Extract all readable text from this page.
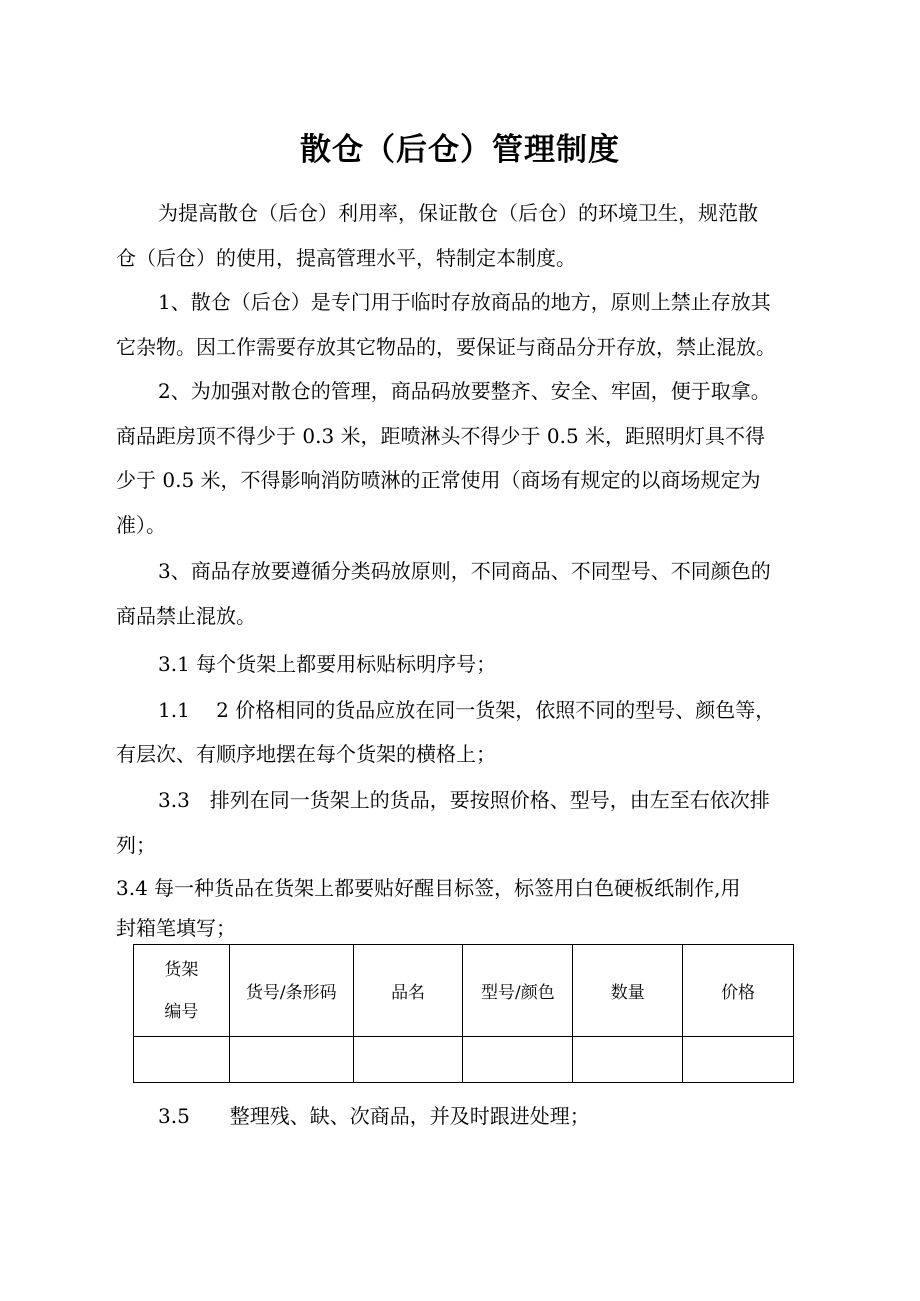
散仓（后仓）管理制度
为提高散仓（后仓）利用率，保证散仓（后仓）的环境卫生，规范散
仓（后仓）的使用，提高管理水平，特制定本制度。
1、散仓（后仓）是专门用于临时存放商品的地方，原则上禁止存放其
它杂物。因工作需要存放其它物品的，要保证与商品分开存放，禁止混放。
2、为加强对散仓的管理，商品码放要整齐、安全、牢固，便于取拿。
商品距房顶不得少于 0.3 米，距喷淋头不得少于 0.5 米，距照明灯具不得
少于 0.5 米，不得影响消防喷淋的正常使用（商场有规定的以商场规定为
准）。
3、商品存放要遵循分类码放原则，不同商品、不同型号、不同颜色的
商品禁止混放。
3.1 每个货架上都要用标贴标明序号；
1.1　 2 价格相同的货品应放在同一货架，依照不同的型号、颜色等，
有层次、有顺序地摆在每个货架的横格上；
3.3　排列在同一货架上的货品，要按照价格、型号，由左至右依次排
列；
3.4 每一种货品在货架上都要贴好醒目标签，标签用白色硬板纸制作,用
封箱笔填写；
货架
编号	货号/条形码	品名	型号/颜色	数量	价格

3.5　　整理残、缺、次商品，并及时跟进处理；
